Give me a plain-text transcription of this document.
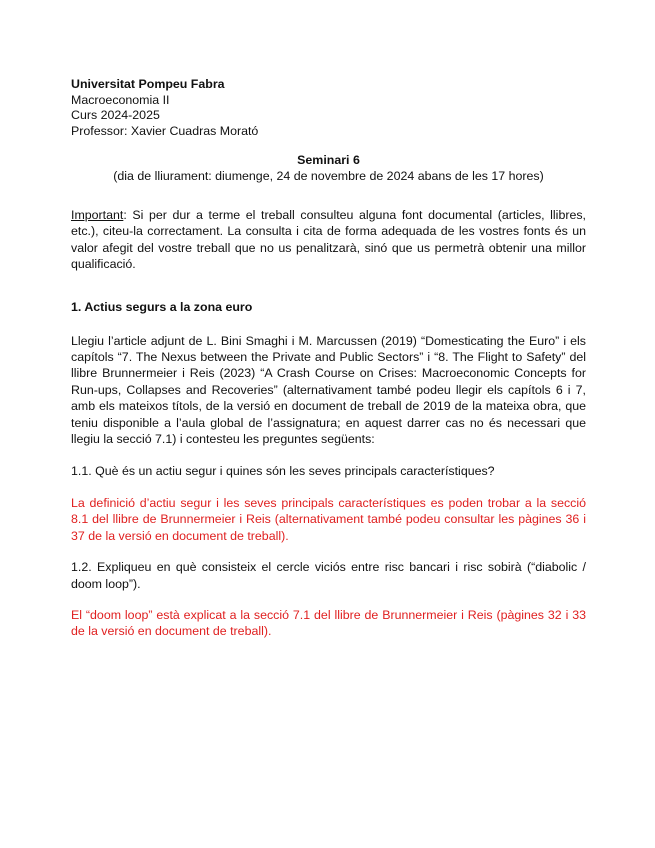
Universitat Pompeu Fabra

Macroeconomia II

Curs 2024-2025

Professor: Xavier Cuadras Morató

Seminari 6

(dia de lliurament: diumenge, 24 de novembre de 2024 abans de les 17 hores)

Important: Si per dur a terme el treball consulteu alguna font documental (articles, llibres, etc.), citeu-la correctament. La consulta i cita de forma adequada de les vostres fonts és un valor afegit del vostre treball que no us penalitzarà, sinó que us permetrà obtenir una millor qualificació.

1. Actius segurs a la zona euro

Llegiu l’article adjunt de L. Bini Smaghi i M. Marcussen (2019) “Domesticating the Euro” i els capítols “7. The Nexus between the Private and Public Sectors” i “8. The Flight to Safety” del llibre Brunnermeier i Reis (2023) “A Crash Course on Crises: Macroeconomic Concepts for Run-ups, Collapses and Recoveries” (alternativament també podeu llegir els capítols 6 i 7, amb els mateixos títols, de la versió en document de treball de 2019 de la mateixa obra, que teniu disponible a l’aula global de l’assignatura; en aquest darrer cas no és necessari que llegiu la secció 7.1) i contesteu les preguntes següents:

1.1. Què és un actiu segur i quines són les seves principals característiques?

La definició d’actiu segur i les seves principals característiques es poden trobar a la secció 8.1 del llibre de Brunnermeier i Reis (alternativament també podeu consultar les pàgines 36 i 37 de la versió en document de treball).

1.2. Expliqueu en què consisteix el cercle viciós entre risc bancari i risc sobirà (“diabolic / doom loop”).

El “doom loop” està explicat a la secció 7.1 del llibre de Brunnermeier i Reis (pàgines 32 i 33 de la versió en document de treball).
